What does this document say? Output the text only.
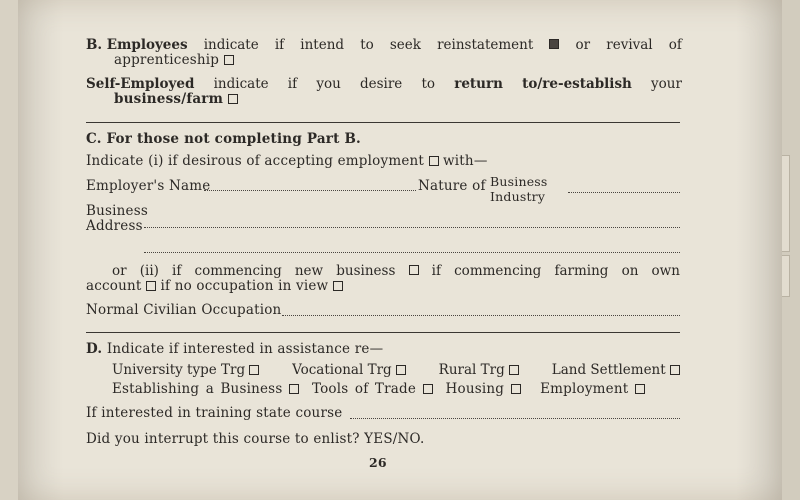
B. Employees indicate if intend to seek reinstatement	or revival of
apprenticeship
Self-Employed indicate if you desire to return to/re-establish your
business/farm
C. For those not completing Part B.
Indicate (i) if desirous of accepting employment with—
Employer's Name	Nature of Business
Industry
Business
Address
or (ii) if commencing new business	if commencing farming on own
account if no occupation in view
Normal Civilian Occupation
D. Indicate if interested in assistance re—
University type Trg	Vocational Trg	Rural Trg	Land Settlement
Establishing a Business Tools of Trade Housing	Employment
If interested in training state course
Did you interrupt this course to enlist? YES/NO.
26
